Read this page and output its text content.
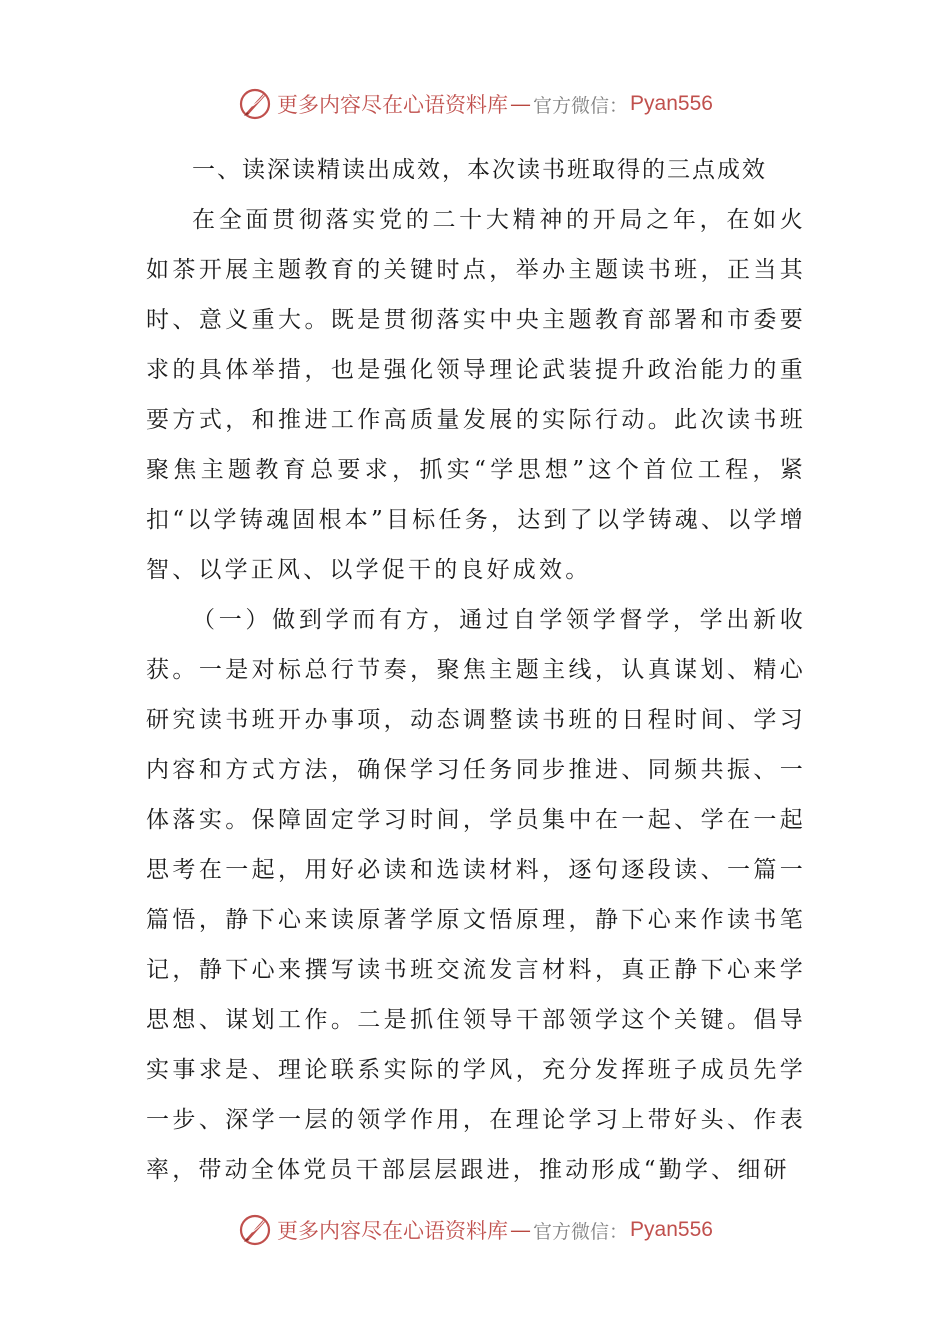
更多内容尽在心语资料库 — 官方微信： Pyan556

一、读深读精读出成效，本次读书班取得的三点成效

在全面贯彻落实党的二十大精神的开局之年，在如火如茶开展主题教育的关键时点，举办主题读书班，正当其时、意义重大。既是贯彻落实中央主题教育部署和市委要求的具体举措，也是强化领导理论武装提升政治能力的重要方式，和推进工作高质量发展的实际行动。此次读书班聚焦主题教育总要求，抓实“学思想”这个首位工程，紧扣“以学铸魂固根本”目标任务，达到了以学铸魂、以学增智、以学正风、以学促干的良好成效。

（一）做到学而有方，通过自学领学督学，学出新收获。一是对标总行节奏，聚焦主题主线，认真谋划、精心研究读书班开办事项，动态调整读书班的日程时间、学习内容和方式方法，确保学习任务同步推进、同频共振、一体落实。保障固定学习时间，学员集中在一起、学在一起思考在一起，用好必读和选读材料，逐句逐段读、一篇一篇悟，静下心来读原著学原文悟原理，静下心来作读书笔记，静下心来撰写读书班交流发言材料，真正静下心来学思想、谋划工作。二是抓住领导干部领学这个关键。倡导实事求是、理论联系实际的学风，充分发挥班子成员先学一步、深学一层的领学作用，在理论学习上带好头、作表率，带动全体党员干部层层跟进，推动形成“勤学、细研

更多内容尽在心语资料库 — 官方微信： Pyan556
